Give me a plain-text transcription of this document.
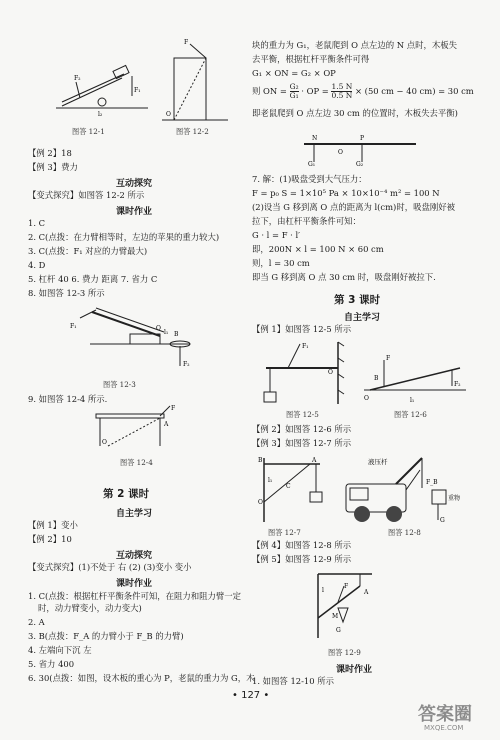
F₂
F₁
l₂
图答 12-1
F
O
图答 12-2
【例 2】18
【例 3】费力
互动探究
【变式探究】如图答 12-2 所示
课时作业
1. C
2. C(点拨：在力臂相等时，左边的苹果的重力较大)
3. C(点拨：F₁ 对应的力臂最大)
4. D
5. 杠杆 40 6. 费力 距离 7. 省力 C
8. 如图答 12-3 所示
F₁	O
l₁ B
F₂
图答 12-3
9. 如图答 12-4 所示.
F
A
O
图答 12-4
第 2 课时
自主学习
【例 1】变小
【例 2】10
互动探究
【变式探究】(1)不处于 右 (2) (3)变小 变小
课时作业
1. C(点拨：根据杠杆平衡条件可知，在阻力和阻力臂一定
时，动力臂变小，动力变大)
2. A
3. B(点拨：F_A 的力臂小于 F_B 的力臂)
4. 左端向下沉 左
5. 省力 400
6. 30(点拨：如图，设木板的重心为 P，老鼠的重力为 G，木
块的重力为 G₁，老鼠爬到 O 点左边的 N 点时，木板失
去平衡，根据杠杆平衡条件可得
G₁ × ON = G₂ × OP
则 ON = $\frac{\text{G₂}}{\text{G₁}}$ · OP = $\frac{1.5 N}{0.5 N} \times (50$ cm − 40 cm) = 30 cm
即老鼠爬到 O 点左边 30 cm 的位置时，木板失去平衡)
N	P
O
G₁	G₂
7. 解：(1)吸盘受到大气压力：
F = p₀ S = 1×10⁵ Pa × 10×10⁻⁴ m² = 100 N
(2)设当 G 移到离 O 点的距离为 l(cm)时，吸盘刚好被
拉下，由杠杆平衡条件可知：
G · l = F · l′
即，200N × l = 100 N × 60 cm
则，l = 30 cm
即当 G 移到离 O 点 30 cm 时，吸盘刚好被拉下.
第 3 课时
自主学习
【例 1】如图答 12-5 所示
F₁
O
图答 12-5
F
B
O
F₂
l₁
图答 12-6
【例 2】如图答 12-6 所示
【例 3】如图答 12-7 所示
B	A
O
C
l₁
图答 12-7
液压杆
F_B
重物
G
图答 12-8
【例 4】如图答 12-8 所示
【例 5】如图答 12-9 所示
F
A
G
M
l
图答 12-9
课时作业
1. 如图答 12-10 所示
• 127 •
答案圈
MXQE.COM
